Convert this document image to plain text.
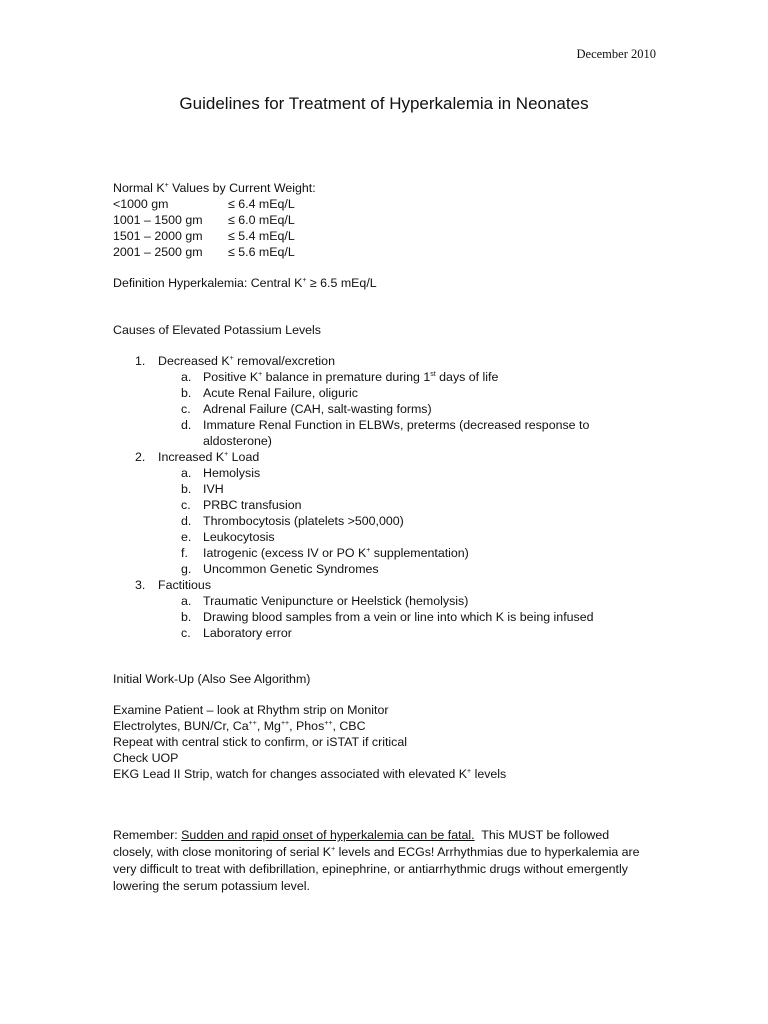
December 2010
Guidelines for Treatment of Hyperkalemia in Neonates
Normal K+ Values by Current Weight:
<1000 gm	≤ 6.4 mEq/L
1001 – 1500 gm	≤ 6.0 mEq/L
1501 – 2000 gm	≤ 5.4 mEq/L
2001 – 2500 gm	≤ 5.6 mEq/L
Definition Hyperkalemia: Central K+ ≥ 6.5 mEq/L
Causes of Elevated Potassium Levels
1. Decreased K+ removal/excretion
a. Positive K+ balance in premature during 1st days of life
b. Acute Renal Failure, oliguric
c. Adrenal Failure (CAH, salt-wasting forms)
d. Immature Renal Function in ELBWs, preterms (decreased response to aldosterone)
2. Increased K+ Load
a. Hemolysis
b. IVH
c. PRBC transfusion
d. Thrombocytosis (platelets >500,000)
e. Leukocytosis
f. Iatrogenic (excess IV or PO K+ supplementation)
g. Uncommon Genetic Syndromes
3. Factitious
a. Traumatic Venipuncture or Heelstick (hemolysis)
b. Drawing blood samples from a vein or line into which K is being infused
c. Laboratory error
Initial Work-Up (Also See Algorithm)
Examine Patient – look at Rhythm strip on Monitor
Electrolytes, BUN/Cr, Ca++, Mg++, Phos++, CBC
Repeat with central stick to confirm, or iSTAT if critical
Check UOP
EKG Lead II Strip, watch for changes associated with elevated K+ levels
Remember: Sudden and rapid onset of hyperkalemia can be fatal.  This MUST be followed closely, with close monitoring of serial K+ levels and ECGs! Arrhythmias due to hyperkalemia are very difficult to treat with defibrillation, epinephrine, or antiarrhythmic drugs without emergently lowering the serum potassium level.
